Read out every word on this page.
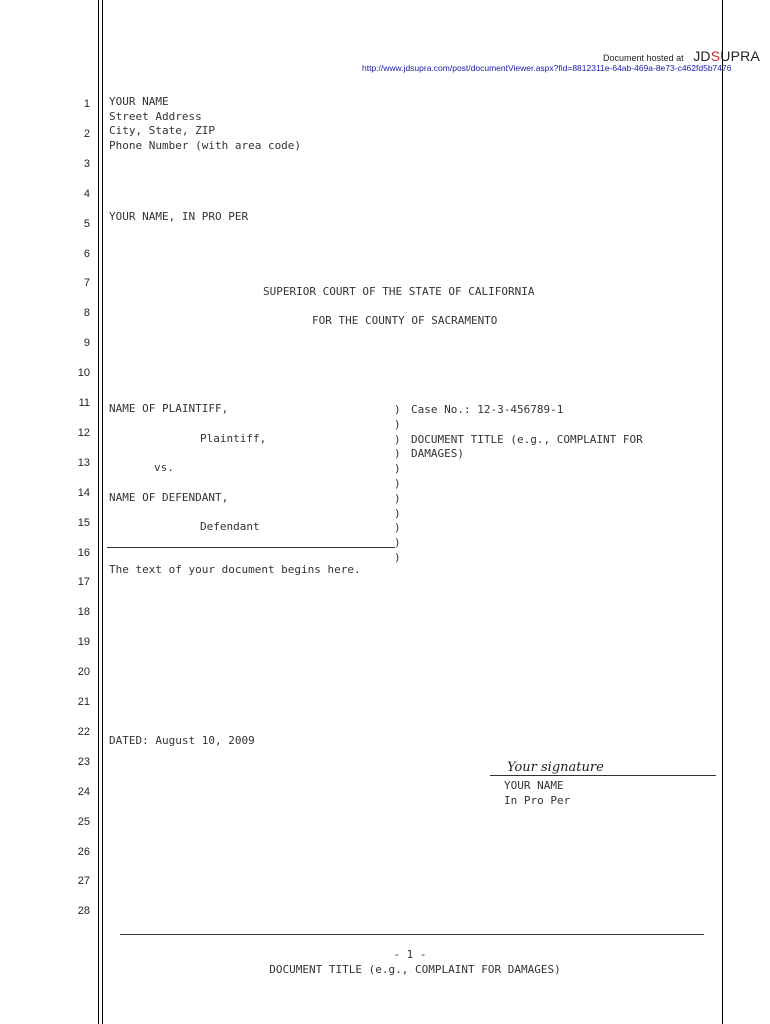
Document hosted at JDSUPRA
http://www.jdsupra.com/post/documentViewer.aspx?fid=8812311e-64ab-469a-8e73-c462fd5b7476
1
2
3
4
5
6
7
8
9
10
11
12
13
14
15
16
17
18
19
20
21
22
23
24
25
26
27
28
YOUR NAME
Street Address
City, State, ZIP
Phone Number (with area code)
YOUR NAME, IN PRO PER
SUPERIOR COURT OF THE STATE OF CALIFORNIA
FOR THE COUNTY OF SACRAMENTO
NAME OF PLAINTIFF,
Plaintiff,
vs.
NAME OF DEFENDANT,
Defendant
)
)
)
)
)
)
)
)
)
)
)
Case No.: 12-3-456789-1
DOCUMENT TITLE (e.g., COMPLAINT FOR
DAMAGES)
The text of your document begins here.
DATED: August 10, 2009
Your signature
YOUR NAME
In Pro Per
- 1 -
DOCUMENT TITLE (e.g., COMPLAINT FOR DAMAGES)
